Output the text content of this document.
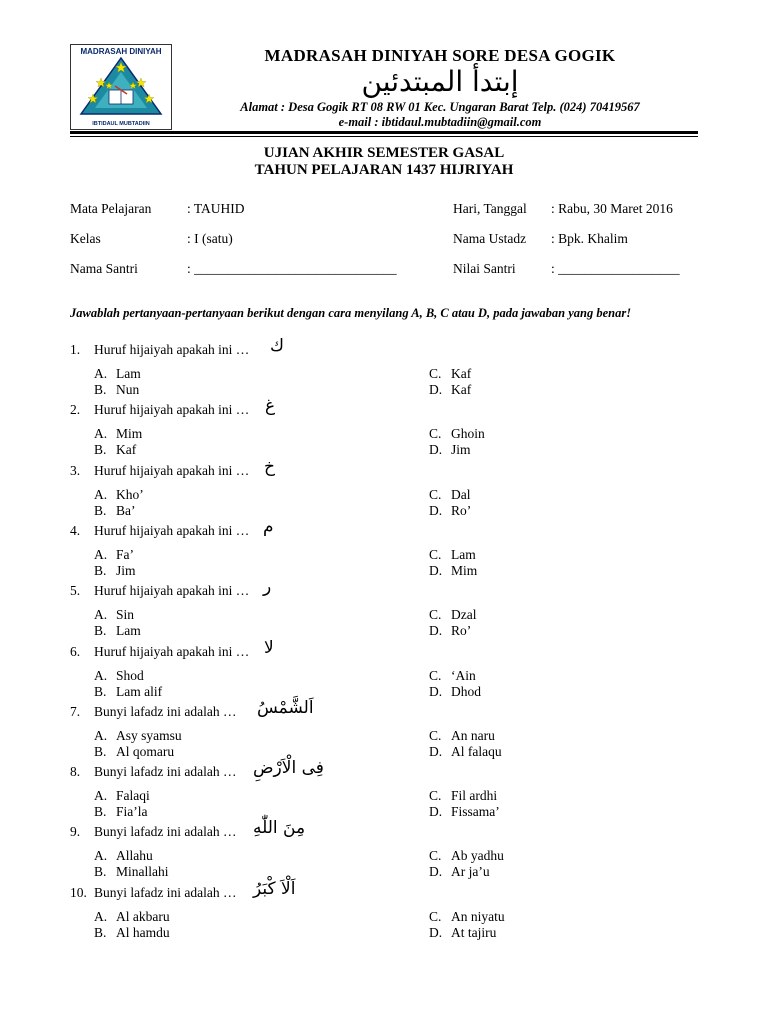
MADRASAH DINIYAH
IBTIDAUL MUBTADIIN
MADRASAH DINIYAH SORE DESA GOGIK
إبتدأ المبتدئين
Alamat : Desa Gogik RT 08 RW 01 Kec. Ungaran Barat Telp. (024) 70419567
e-mail : ibtidaul.mubtadiin@gmail.com
UJIAN AKHIR SEMESTER GASAL
TAHUN PELAJARAN 1437 HIJRIYAH
Mata Pelajaran	: TAUHID
Kelas	: I (satu)
Nama Santri	: ______________________________
Hari, Tanggal : Rabu, 30 Maret 2016
Nama Ustadz : Bpk. Khalim
Nilai Santri	: __________________
Jawablah pertanyaan-pertanyaan berikut dengan cara menyilang A, B, C atau D, pada jawaban yang benar!
1. Huruf hijaiyah apakah ini … ك
A. Lam
B. Nun
C. Kaf
D. Kaf
2. Huruf hijaiyah apakah ini … غ
A. Mim
B. Kaf
C. Ghoin
D. Jim
3. Huruf hijaiyah apakah ini … خ
A. Kho’
B. Ba’
C. Dal
D. Ro’
4. Huruf hijaiyah apakah ini … م
A. Fa’
B. Jim
C. Lam
D. Mim
5. Huruf hijaiyah apakah ini … ر
A. Sin
B. Lam
C. Dzal
D. Ro’
6. Huruf hijaiyah apakah ini … لا
A. Shod
B. Lam alif
C. ‘Ain
D. Dhod
7. Bunyi lafadz ini adalah … اَلشَّمْسُ
A. Asy syamsu
B. Al qomaru
C. An naru
D. Al falaqu
8. Bunyi lafadz ini adalah … فِى الْاَرْضِ
A. Falaqi
B. Fia’la
C. Fil ardhi
D. Fissama’
9. Bunyi lafadz ini adalah … مِنَ اللّٰهِ
A. Allahu
B. Minallahi
C. Ab yadhu
D. Ar ja’u
10. Bunyi lafadz ini adalah … اَلْاَ كْبَرُ
A. Al akbaru
B. Al hamdu
C. An niyatu
D. At tajiru
